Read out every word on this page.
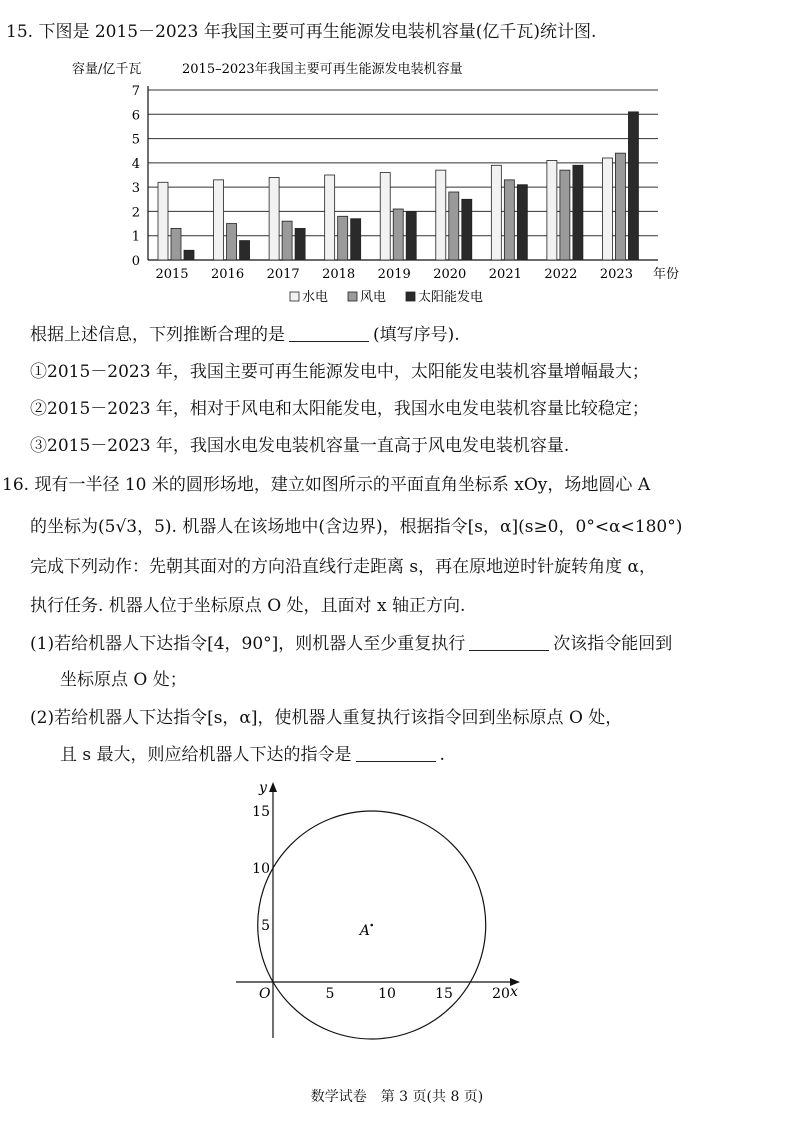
15. 下图是 2015－2023 年我国主要可再生能源发电装机容量(亿千瓦)统计图.
容量/亿千瓦	2015–2023年我国主要可再生能源发电装机容量
0
1
2
3
4
5
6
7
2015 2016 2017 2018 2019 2020 2021 2022 2023 年份
水电 风电 太阳能发电
根据上述信息，下列推断合理的是	(填写序号).
①2015－2023 年，我国主要可再生能源发电中，太阳能发电装机容量增幅最大；
②2015－2023 年，相对于风电和太阳能发电，我国水电发电装机容量比较稳定；
③2015－2023 年，我国水电发电装机容量一直高于风电发电装机容量.
16. 现有一半径 10 米的圆形场地，建立如图所示的平面直角坐标系 xOy，场地圆心 A
的坐标为(5√3，5). 机器人在该场地中(含边界)，根据指令[s，α](s≥0，0°<α<180°)
完成下列动作：先朝其面对的方向沿直线行走距离 s，再在原地逆时针旋转角度 α，
执行任务. 机器人位于坐标原点 O 处，且面对 x 轴正方向.
(1)若给机器人下达指令[4，90°]，则机器人至少重复执行	次该指令能回到
坐标原点 O 处；
(2)若给机器人下达指令[s，α]，使机器人重复执行该指令回到坐标原点 O 处，
且 s 最大，则应给机器人下达的指令是	.
x
y
O
A
5	10	15	20
5
10
15
数学试卷　第 3 页(共 8 页)
